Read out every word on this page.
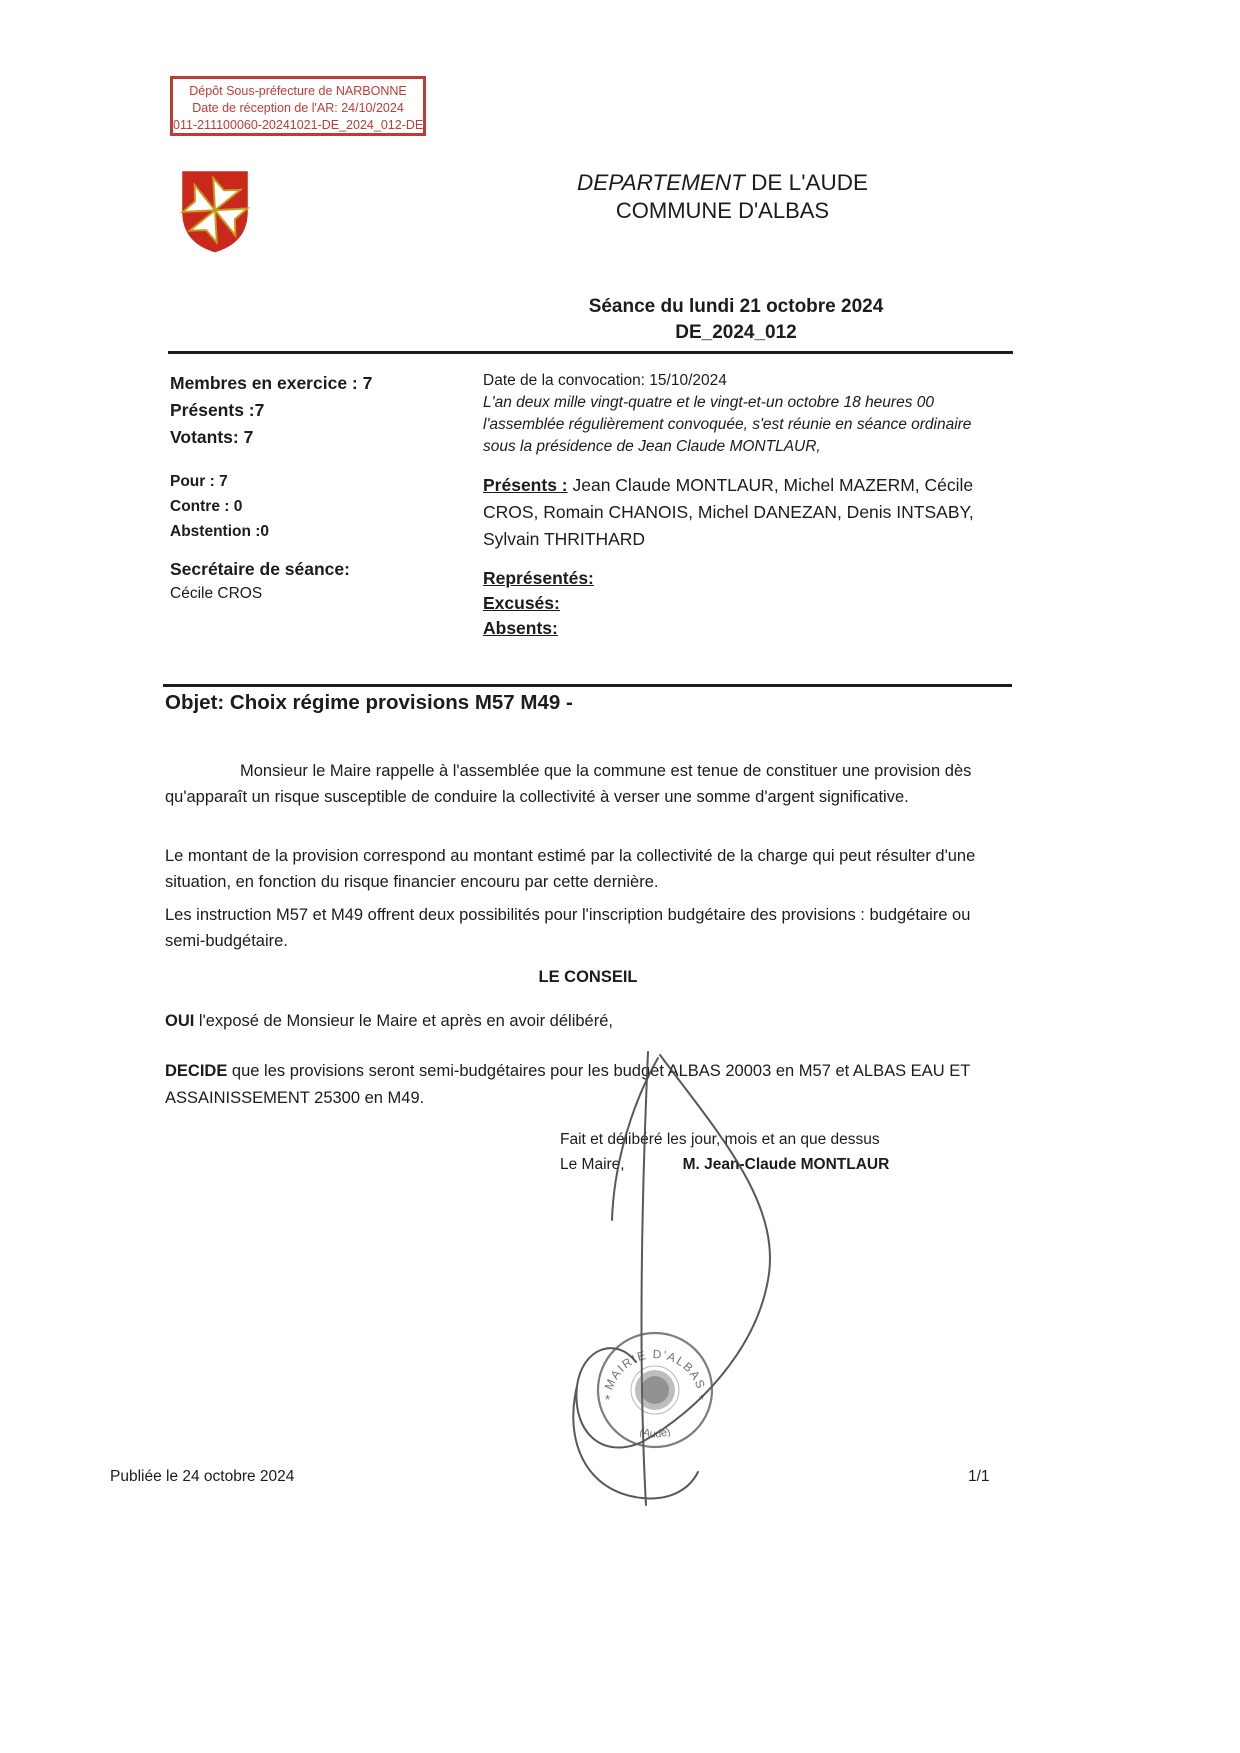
Dépôt Sous-préfecture de NARBONNE
Date de réception de l'AR: 24/10/2024
011-211100060-20241021-DE_2024_012-DE
DEPARTEMENT DE L'AUDE
COMMUNE D'ALBAS
Séance du lundi 21 octobre 2024
DE_2024_012
Membres en exercice : 7
Présents :7
Votants: 7
Pour : 7
Contre : 0
Abstention :0
Secrétaire de séance:
Cécile CROS
Date de la convocation: 15/10/2024
L'an deux mille vingt-quatre et le vingt-et-un octobre 18 heures 00 l'assemblée régulièrement convoquée, s'est réunie en séance ordinaire sous la présidence de Jean Claude MONTLAUR,
Présents : Jean Claude MONTLAUR, Michel MAZERM, Cécile CROS, Romain CHANOIS, Michel DANEZAN, Denis INTSABY, Sylvain THRITHARD
Représentés:
Excusés:
Absents:
Objet: Choix régime provisions M57 M49 -
Monsieur le Maire rappelle à l'assemblée que la commune est tenue de constituer une provision dès qu'apparaît un risque susceptible de conduire la collectivité à verser une somme d'argent significative.
Le montant de la provision correspond au montant estimé par la collectivité de la charge qui peut résulter d'une situation, en fonction du risque financier encouru par cette dernière.
Les instruction M57 et M49 offrent deux possibilités pour l'inscription budgétaire des provisions : budgétaire ou semi-budgétaire.
LE CONSEIL
OUI l'exposé de Monsieur le Maire et après en avoir délibéré,
DECIDE que les provisions seront semi-budgétaires pour les budget ALBAS 20003 en M57 et ALBAS EAU ET ASSAINISSEMENT 25300 en M49.
Fait et délibéré les jour, mois et an que dessus
Le Maire,	M. Jean-Claude MONTLAUR
MAIRIE D'ALBAS
(Aude)
*	*
Publiée le 24 octobre 2024	1/1
